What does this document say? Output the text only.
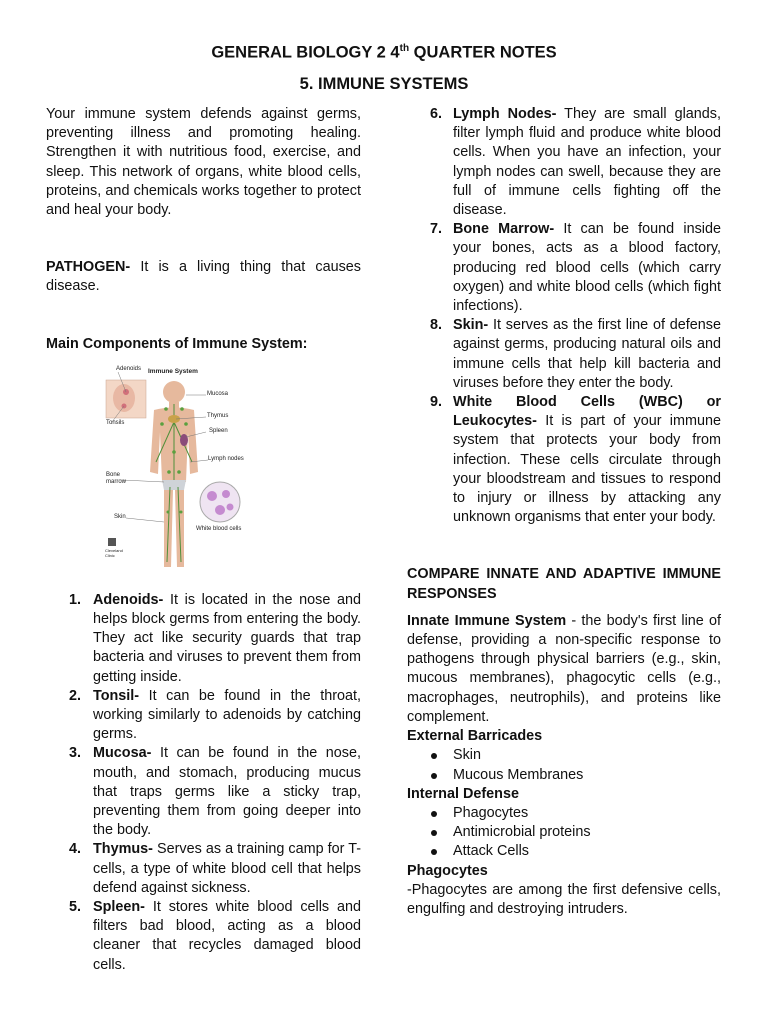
GENERAL BIOLOGY 2 4th QUARTER NOTES
5. IMMUNE SYSTEMS

Your immune system defends against germs, preventing illness and promoting healing. Strengthen it with nutritious food, exercise, and sleep. This network of organs, white blood cells, proteins, and chemicals works together to protect and heal your body.

PATHOGEN- It is a living thing that causes disease.

Main Components of Immune System:

Immune System
Adenoids
Tonsils
Mucosa
Thymus
Spleen
Lymph nodes
Bone marrow
Skin
White blood cells
Cleveland Clinic
1. Adenoids- It is located in the nose and helps block germs from entering the body. They act like security guards that trap bacteria and viruses to prevent them from getting inside.
2. Tonsil- It can be found in the throat, working similarly to adenoids by catching germs.
3. Mucosa- It can be found in the nose, mouth, and stomach, producing mucus that traps germs like a sticky trap, preventing them from going deeper into the body.
4. Thymus- Serves as a training camp for T-cells, a type of white blood cell that helps defend against sickness.
5. Spleen- It stores white blood cells and filters bad blood, acting as a blood cleaner that recycles damaged blood cells.
6. Lymph Nodes- They are small glands, filter lymph fluid and produce white blood cells. When you have an infection, your lymph nodes can swell, because they are full of immune cells fighting off the disease.
7. Bone Marrow- It can be found inside your bones, acts as a blood factory, producing red blood cells (which carry oxygen) and white blood cells (which fight infections).
8. Skin- It serves as the first line of defense against germs, producing natural oils and immune cells that help kill bacteria and viruses before they enter the body.
9. White Blood Cells (WBC) or Leukocytes- It is part of your immune system that protects your body from infection. These cells circulate through your bloodstream and tissues to respond to injury or illness by attacking any unknown organisms that enter your body.

COMPARE INNATE AND ADAPTIVE IMMUNE RESPONSES

Innate Immune System - the body's first line of defense, providing a non-specific response to pathogens through physical barriers (e.g., skin, mucous membranes), phagocytic cells (e.g., macrophages, neutrophils), and proteins like complement.

External Barricades

Skin
Mucous Membranes

Internal Defense

Phagocytes
Antimicrobial proteins
Attack Cells

Phagocytes

-Phagocytes are among the first defensive cells, engulfing and destroying intruders.
